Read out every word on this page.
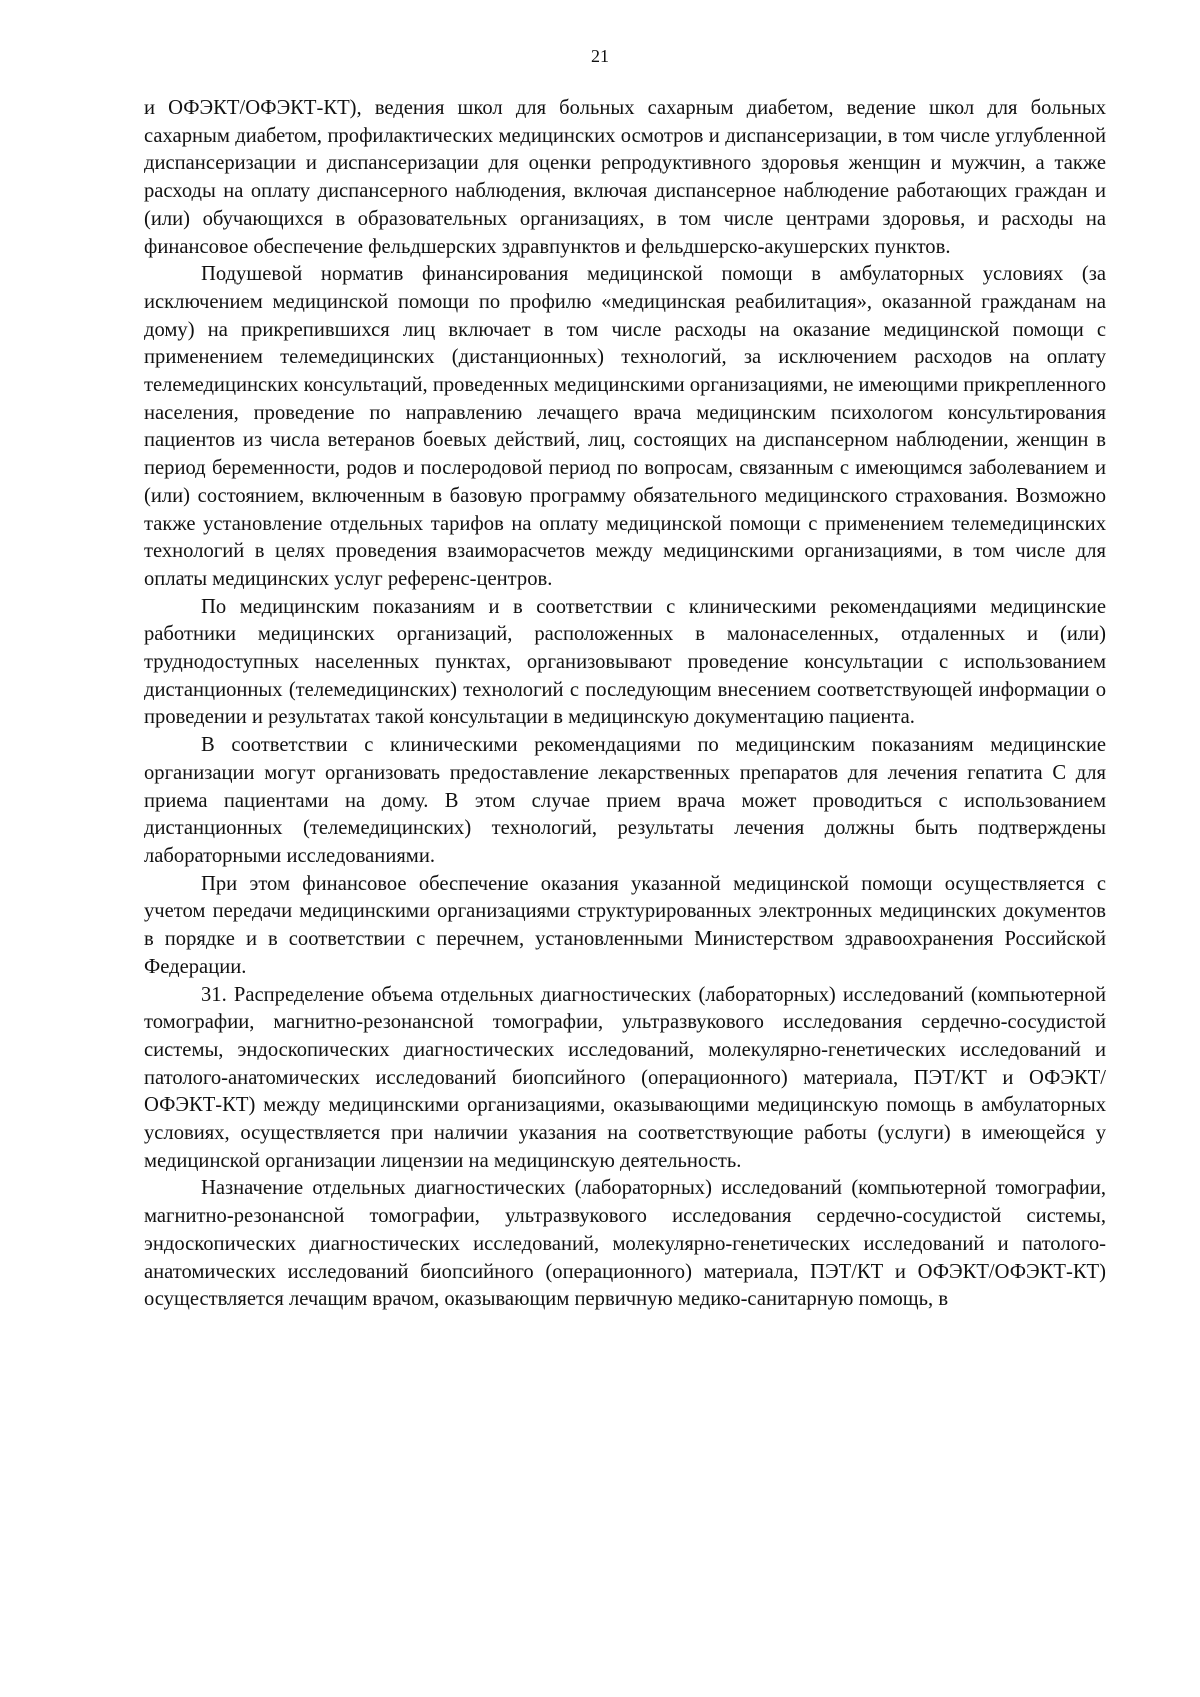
21

и ОФЭКТ/ОФЭКТ-КТ), ведения школ для больных сахарным диабетом, ведение школ для больных сахарным диабетом, профилактических медицинских осмотров и диспансеризации, в том числе углубленной диспансеризации и диспансеризации для оценки репродуктивного здоровья женщин и мужчин, а также расходы на оплату диспансерного наблюдения, включая диспансерное наблюдение работающих граждан и (или) обучающихся в образовательных организациях, в том числе центрами здоровья, и расходы на финансовое обеспечение фельдшерских здравпунктов и фельдшерско-акушерских пунктов.

Подушевой норматив финансирования медицинской помощи в амбулаторных условиях (за исключением медицинской помощи по профилю «медицинская реабилитация», оказанной гражданам на дому) на прикрепившихся лиц включает в том числе расходы на оказание медицинской помощи с применением телемедицинских (дистанционных) технологий, за исключением расходов на оплату телемедицинских консультаций, проведенных медицинскими организациями, не имеющими прикрепленного населения, проведение по направлению лечащего врача медицинским психологом консультирования пациентов из числа ветеранов боевых действий, лиц, состоящих на диспансерном наблюдении, женщин в период беременности, родов и послеродовой период по вопросам, связанным с имеющимся заболеванием и (или) состоянием, включенным в базовую программу обязательного медицинского страхования. Возможно также установление отдельных тарифов на оплату медицинской помощи с применением телемедицинских технологий в целях проведения взаиморасчетов между медицинскими организациями, в том числе для оплаты медицинских услуг референс-центров.

По медицинским показаниям и в соответствии с клиническими рекомендациями медицинские работники медицинских организаций, расположенных в малонаселенных, отдаленных и (или) труднодоступных населенных пунктах, организовывают проведение консультации с использованием дистанционных (телемедицинских) технологий с последующим внесением соответствующей информации о проведении и результатах такой консультации в медицинскую документацию пациента.

В соответствии с клиническими рекомендациями по медицинским показаниям медицинские организации могут организовать предоставление лекарственных препаратов для лечения гепатита С для приема пациентами на дому. В этом случае прием врача может проводиться с использованием дистанционных (телемедицинских) технологий, результаты лечения должны быть подтверждены лабораторными исследованиями.

При этом финансовое обеспечение оказания указанной медицинской помощи осуществляется с учетом передачи медицинскими организациями структурированных электронных медицинских документов в порядке и в соответствии с перечнем, установленными Министерством здравоохранения Российской Федерации.

31. Распределение объема отдельных диагностических (лабораторных) исследований (компьютерной томографии, магнитно-резонансной томографии, ультразвукового исследования сердечно-сосудистой системы, эндоскопических диагностических исследований, молекулярно-генетических исследований и патолого-анатомических исследований биопсийного (операционного) материала, ПЭТ/КТ и ОФЭКТ/ОФЭКТ-КТ) между медицинскими организациями, оказывающими медицинскую помощь в амбулаторных условиях, осуществляется при наличии указания на соответствующие работы (услуги) в имеющейся у медицинской организации лицензии на медицинскую деятельность.

Назначение отдельных диагностических (лабораторных) исследований (компьютерной томографии, магнитно-резонансной томографии, ультразвукового исследования сердечно-сосудистой системы, эндоскопических диагностических исследований, молекулярно-генетических исследований и патолого-анатомических исследований биопсийного (операционного) материала, ПЭТ/КТ и ОФЭКТ/ОФЭКТ-КТ) осуществляется лечащим врачом, оказывающим первичную медико-санитарную помощь, в
